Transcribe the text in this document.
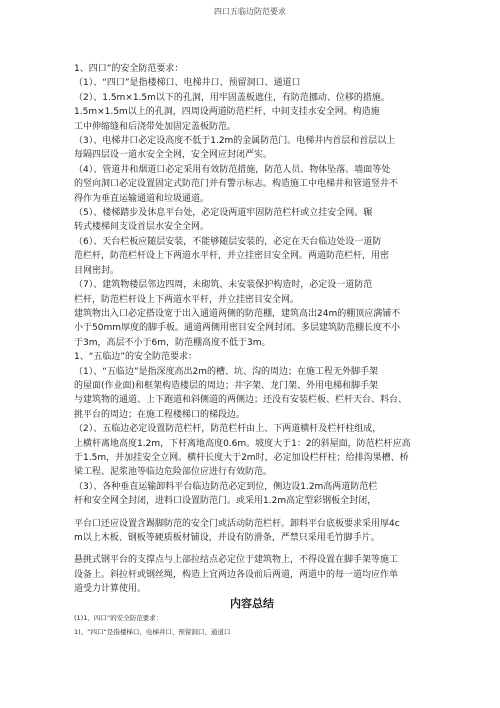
四口五临边防范要求

1、四口”的安全防范要求：

（1）、“四口”是指楼梯口、电梯井口、预留洞口、通道口

（2）、1.5m×1.5m以下的孔洞，用牢固盖板遮住，有防范挪动、位移的措施。

1.5m×1.5m以上的孔洞，四周设两道防范栏杆，中间支挂水安全网。构造施

工中伸缩缝和后浇带处加固定盖板防范。

（3）、电梯井口必定设高度不低于1.2m的金属防范门。电梯井内首层和首层以上

每隔四层设一道水安全全网，安全网应封闭严实。

（4）、管道井和烟道口必定采用有效防范措施，防范人员、物体坠落。墙面等处

的竖向洞口必定设置固定式防范门并有警示标志。构造施工中电梯井和管道竖井不

得作为垂直运输通道和垃圾通道。

（5）、楼梯踏步及休息平台处，必定设两道牢固防范栏杆或立挂安全网。辗

转式楼梯间支设首层水安全全网。

（6）、天台栏板应随层安装，不能够随层安装的，必定在天台临边处设一道防

范栏杆，防范栏杆设上下两道水平杆，并立挂密目安全网。两道防范栏杆，用密

目网密封。

（7）、建筑物楼层邻边四周，未砌筑、未安装保护构造时，必定设一道防范

栏杆，防范栏杆设上下两道水平杆，并立挂密目安全网。

建筑物出入口必定搭设宽于出入通道两侧的防范棚，建筑高出24m的棚顶应满铺不

小于50mm厚度的脚手板。通道两侧用密目安全网封闭。多层建筑防范棚长度不小

于3m，高层不小于6m，防范棚高度不低于3m。

1、“五临边”的安全防范要求：

（1）、“五临边”是指深度高出2m的槽、坑、沟的周边；在施工程无外脚手架

的屋面(作业面)和框架构造楼层的周边；井字架、龙门架、外用电梯和脚手架

与建筑物的通道、上下跑道和斜侧道的两侧边；还没有安装栏板、栏杆天台、料台、

挑平台的周边；在施工程楼梯口的梯段边。

（2）、五临边必定设置防范栏杆，防范栏杆由上、下两道横杆及栏杆柱组成，

上横杆离地高度1.2m，下杆离地高度0.6m。坡度大于1：2的斜屋面，防范栏杆应高

于1.5m，并加挂安全立网。横杆长度大于2m时，必定加设栏杆柱；给排沟果槽、桥

梁工程、泥浆池等临边危险部位应进行有效防范。

（3）、各种垂直运输卸料平台临边防范必定到位，侧边设1.2m高两道防范栏

杆和安全网全封闭，进料口设置防范门。或采用1.2m高定型彩钢板全封闭，

平台口还应设置含踢脚防范的安全门或活动防范栏杆。卸料平台底板要求采用厚4c

m以上木板、钢板等硬质板材铺设，并设有防滑条，严禁只采用毛竹脚手片。

悬挑式钢平台的支撑点与上部拉结点必定位于建筑物上，不得设置在脚手架等施工

设备上。斜拉杆或钢丝绳，构造上宜两边各设前后两道，两道中的每一道均应作单

道受力计算使用。

内容总结

(1)1、四口”的安全防范要求：

1)、“四口”是指楼梯口、电梯井口、预留洞口、通道口
